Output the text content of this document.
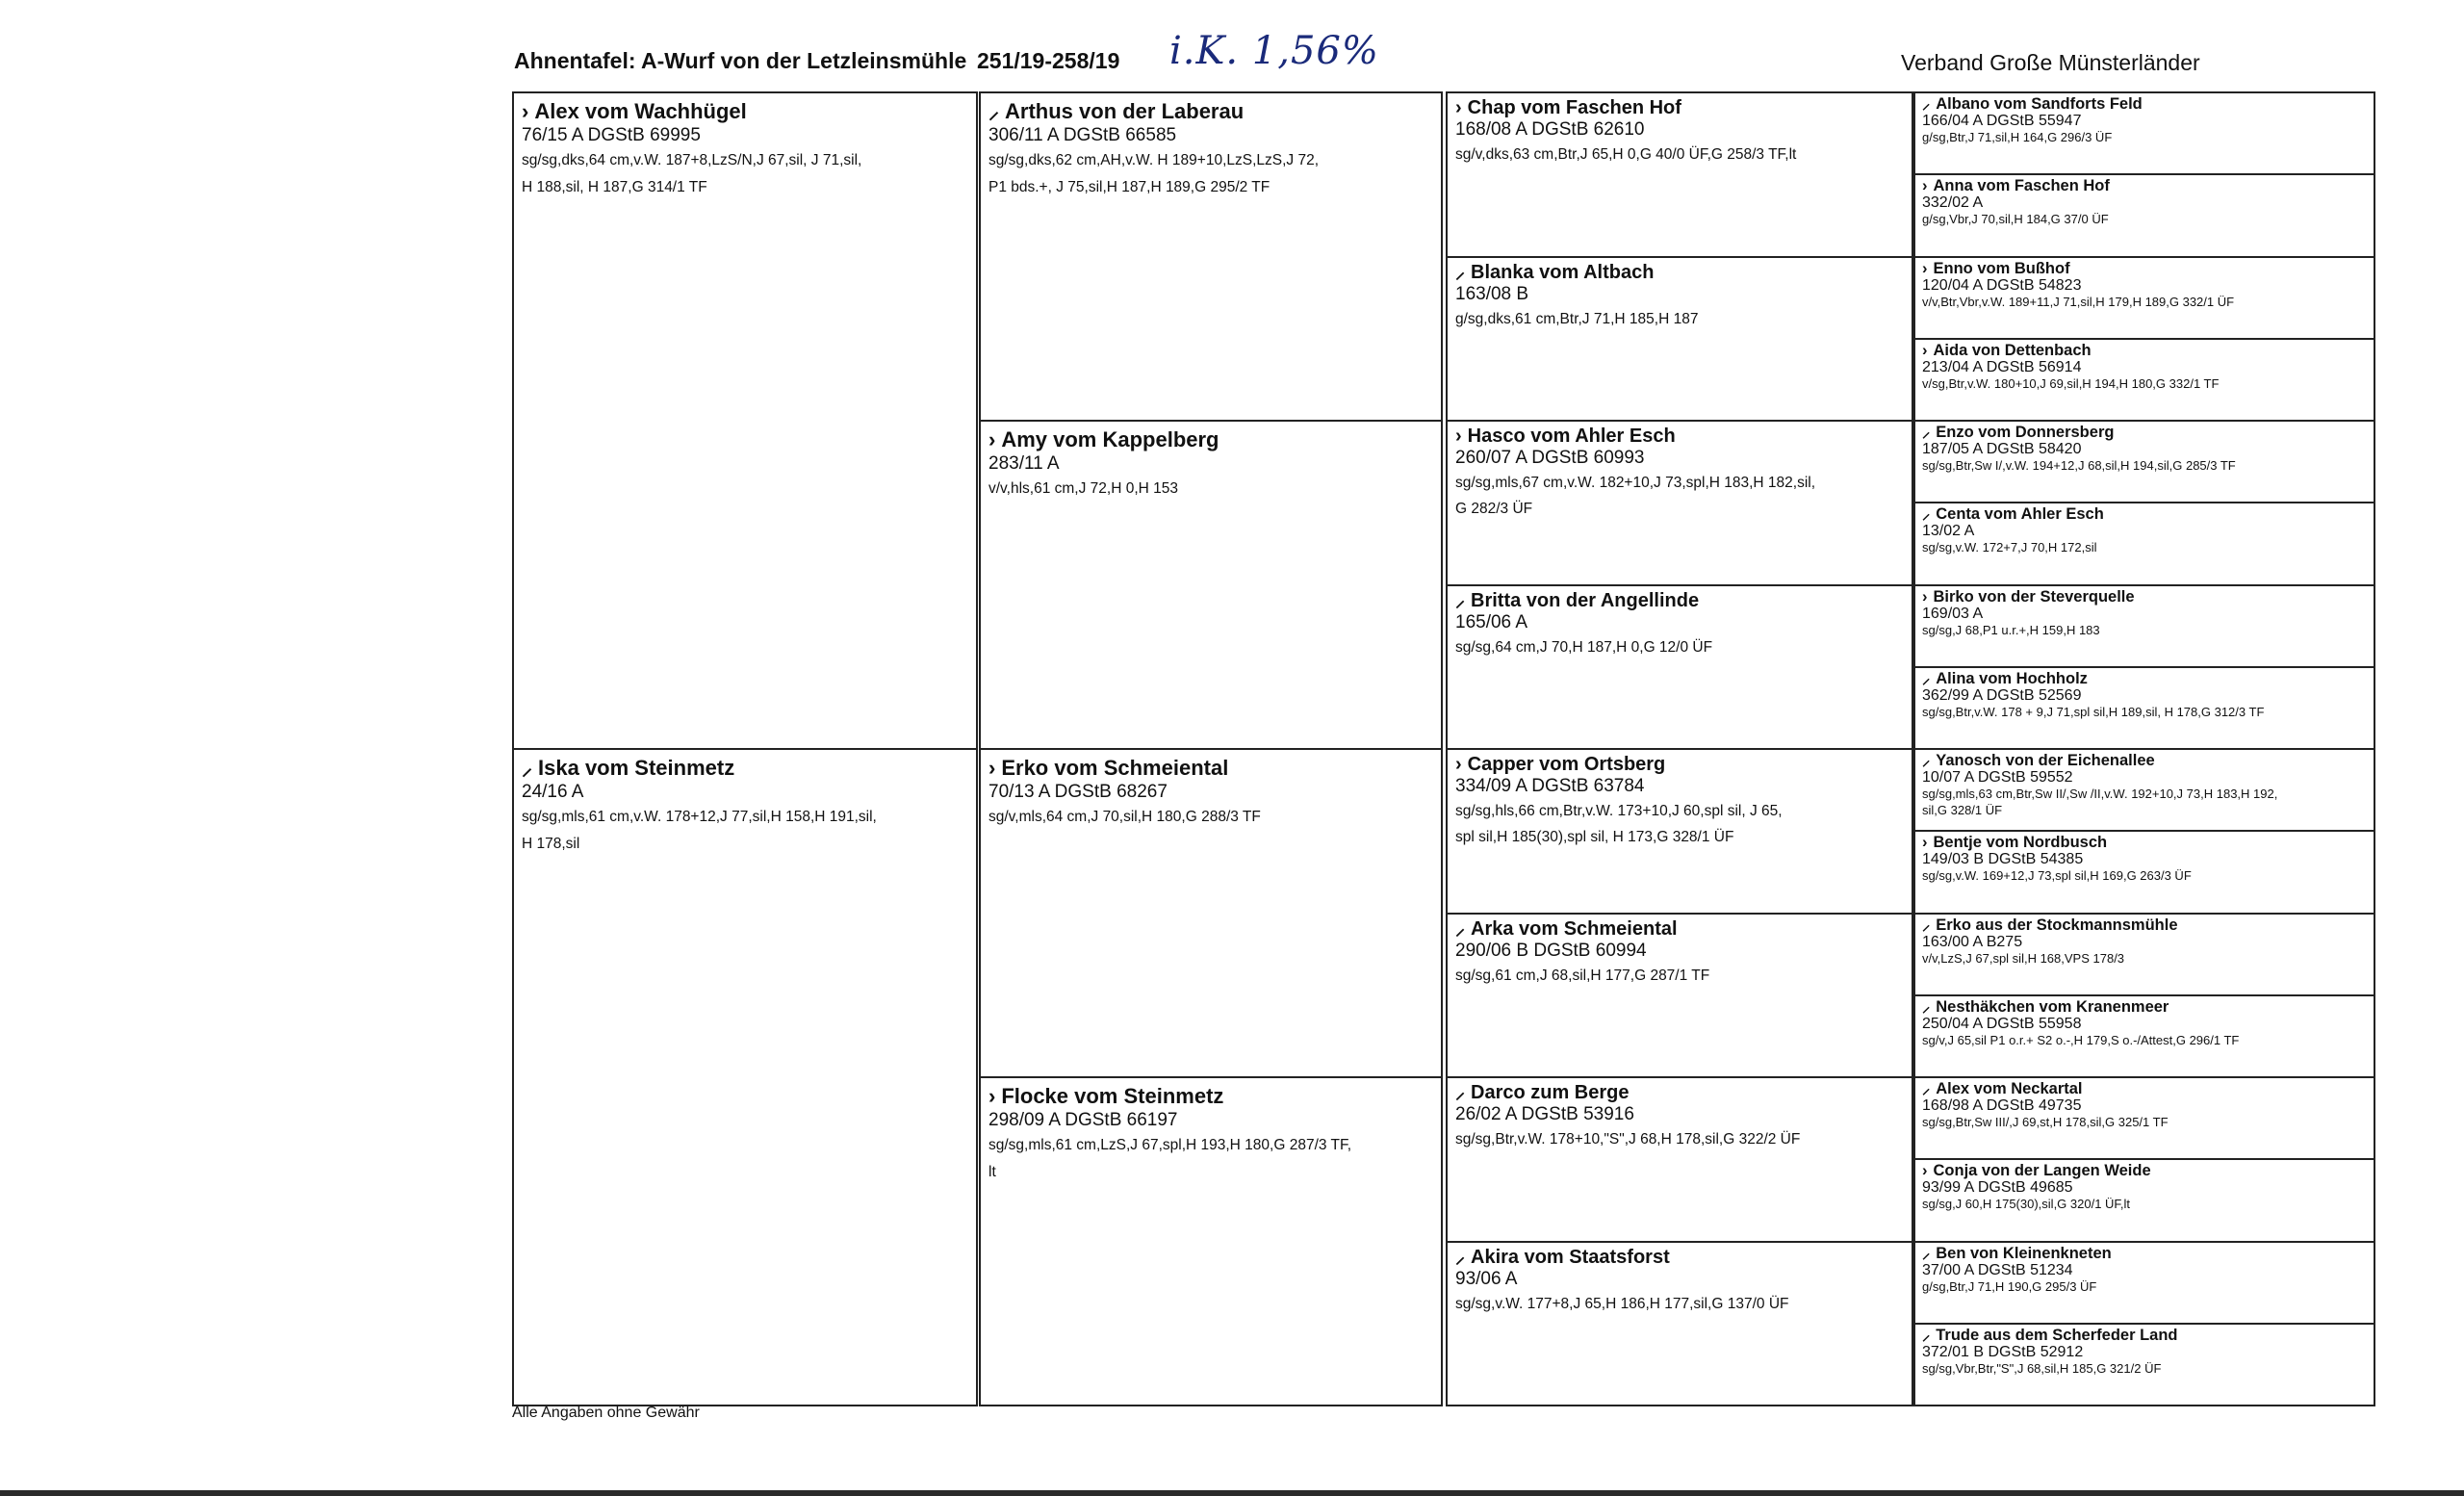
Ahnentafel: A-Wurf von der Letzleinsmühle 251/19-258/19 i.K. 1,56%	Verband Große Münsterländer
› Alex vom Wachhügel
76/15 A DGStB 69995
sg/sg,dks,64 cm,v.W. 187+8,LzS/N,J 67,sil, J 71,sil,
H 188,sil, H 187,G 314/1 TF
⸝ Iska vom Steinmetz
24/16 A
sg/sg,mls,61 cm,v.W. 178+12,J 77,sil,H 158,H 191,sil,
H 178,sil
⸝ Arthus von der Laberau
306/11 A DGStB 66585
sg/sg,dks,62 cm,AH,v.W. H 189+10,LzS,LzS,J 72,
P1 bds.+, J 75,sil,H 187,H 189,G 295/2 TF
› Amy vom Kappelberg
283/11 A
v/v,hls,61 cm,J 72,H 0,H 153
› Erko vom Schmeiental
70/13 A DGStB 68267
sg/v,mls,64 cm,J 70,sil,H 180,G 288/3 TF
› Flocke vom Steinmetz
298/09 A DGStB 66197
sg/sg,mls,61 cm,LzS,J 67,spl,H 193,H 180,G 287/3 TF,
lt
› Chap vom Faschen Hof
168/08 A DGStB 62610
sg/v,dks,63 cm,Btr,J 65,H 0,G 40/0 ÜF,G 258/3 TF,lt
⸝ Blanka vom Altbach
163/08 B
g/sg,dks,61 cm,Btr,J 71,H 185,H 187
› Hasco vom Ahler Esch
260/07 A DGStB 60993
sg/sg,mls,67 cm,v.W. 182+10,J 73,spl,H 183,H 182,sil,
G 282/3 ÜF
⸝ Britta von der Angellinde
165/06 A
sg/sg,64 cm,J 70,H 187,H 0,G 12/0 ÜF
› Capper vom Ortsberg
334/09 A DGStB 63784
sg/sg,hls,66 cm,Btr,v.W. 173+10,J 60,spl sil, J 65,
spl sil,H 185(30),spl sil, H 173,G 328/1 ÜF
⸝ Arka vom Schmeiental
290/06 B DGStB 60994
sg/sg,61 cm,J 68,sil,H 177,G 287/1 TF
⸝ Darco zum Berge
26/02 A DGStB 53916
sg/sg,Btr,v.W. 178+10,"S",J 68,H 178,sil,G 322/2 ÜF
⸝ Akira vom Staatsforst
93/06 A
sg/sg,v.W. 177+8,J 65,H 186,H 177,sil,G 137/0 ÜF
⸝ Albano vom Sandforts Feld
166/04 A DGStB 55947
g/sg,Btr,J 71,sil,H 164,G 296/3 ÜF
› Anna vom Faschen Hof
332/02 A
g/sg,Vbr,J 70,sil,H 184,G 37/0 ÜF
› Enno vom Bußhof
120/04 A DGStB 54823
v/v,Btr,Vbr,v.W. 189+11,J 71,sil,H 179,H 189,G 332/1 ÜF
› Aida von Dettenbach
213/04 A DGStB 56914
v/sg,Btr,v.W. 180+10,J 69,sil,H 194,H 180,G 332/1 TF
⸝ Enzo vom Donnersberg
187/05 A DGStB 58420
sg/sg,Btr,Sw I/,v.W. 194+12,J 68,sil,H 194,sil,G 285/3 TF
⸝ Centa vom Ahler Esch
13/02 A
sg/sg,v.W. 172+7,J 70,H 172,sil
› Birko von der Steverquelle
169/03 A
sg/sg,J 68,P1 u.r.+,H 159,H 183
⸝ Alina vom Hochholz
362/99 A DGStB 52569
sg/sg,Btr,v.W. 178 + 9,J 71,spl sil,H 189,sil, H 178,G 312/3 TF
⸝ Yanosch von der Eichenallee
10/07 A DGStB 59552
sg/sg,mls,63 cm,Btr,Sw II/,Sw /II,v.W. 192+10,J 73,H 183,H 192,
sil,G 328/1 ÜF
› Bentje vom Nordbusch
149/03 B DGStB 54385
sg/sg,v.W. 169+12,J 73,spl sil,H 169,G 263/3 ÜF
⸝ Erko aus der Stockmannsmühle
163/00 A B275
v/v,LzS,J 67,spl sil,H 168,VPS 178/3
⸝ Nesthäkchen vom Kranenmeer
250/04 A DGStB 55958
sg/v,J 65,sil P1 o.r.+ S2 o.-,H 179,S o.-/Attest,G 296/1 TF
⸝ Alex vom Neckartal
168/98 A DGStB 49735
sg/sg,Btr,Sw III/,J 69,st,H 178,sil,G 325/1 TF
› Conja von der Langen Weide
93/99 A DGStB 49685
sg/sg,J 60,H 175(30),sil,G 320/1 ÜF,lt
⸝ Ben von Kleinenkneten
37/00 A DGStB 51234
g/sg,Btr,J 71,H 190,G 295/3 ÜF
⸝ Trude aus dem Scherfeder Land
372/01 B DGStB 52912
sg/sg,Vbr,Btr,"S",J 68,sil,H 185,G 321/2 ÜF
Alle Angaben ohne Gewähr
